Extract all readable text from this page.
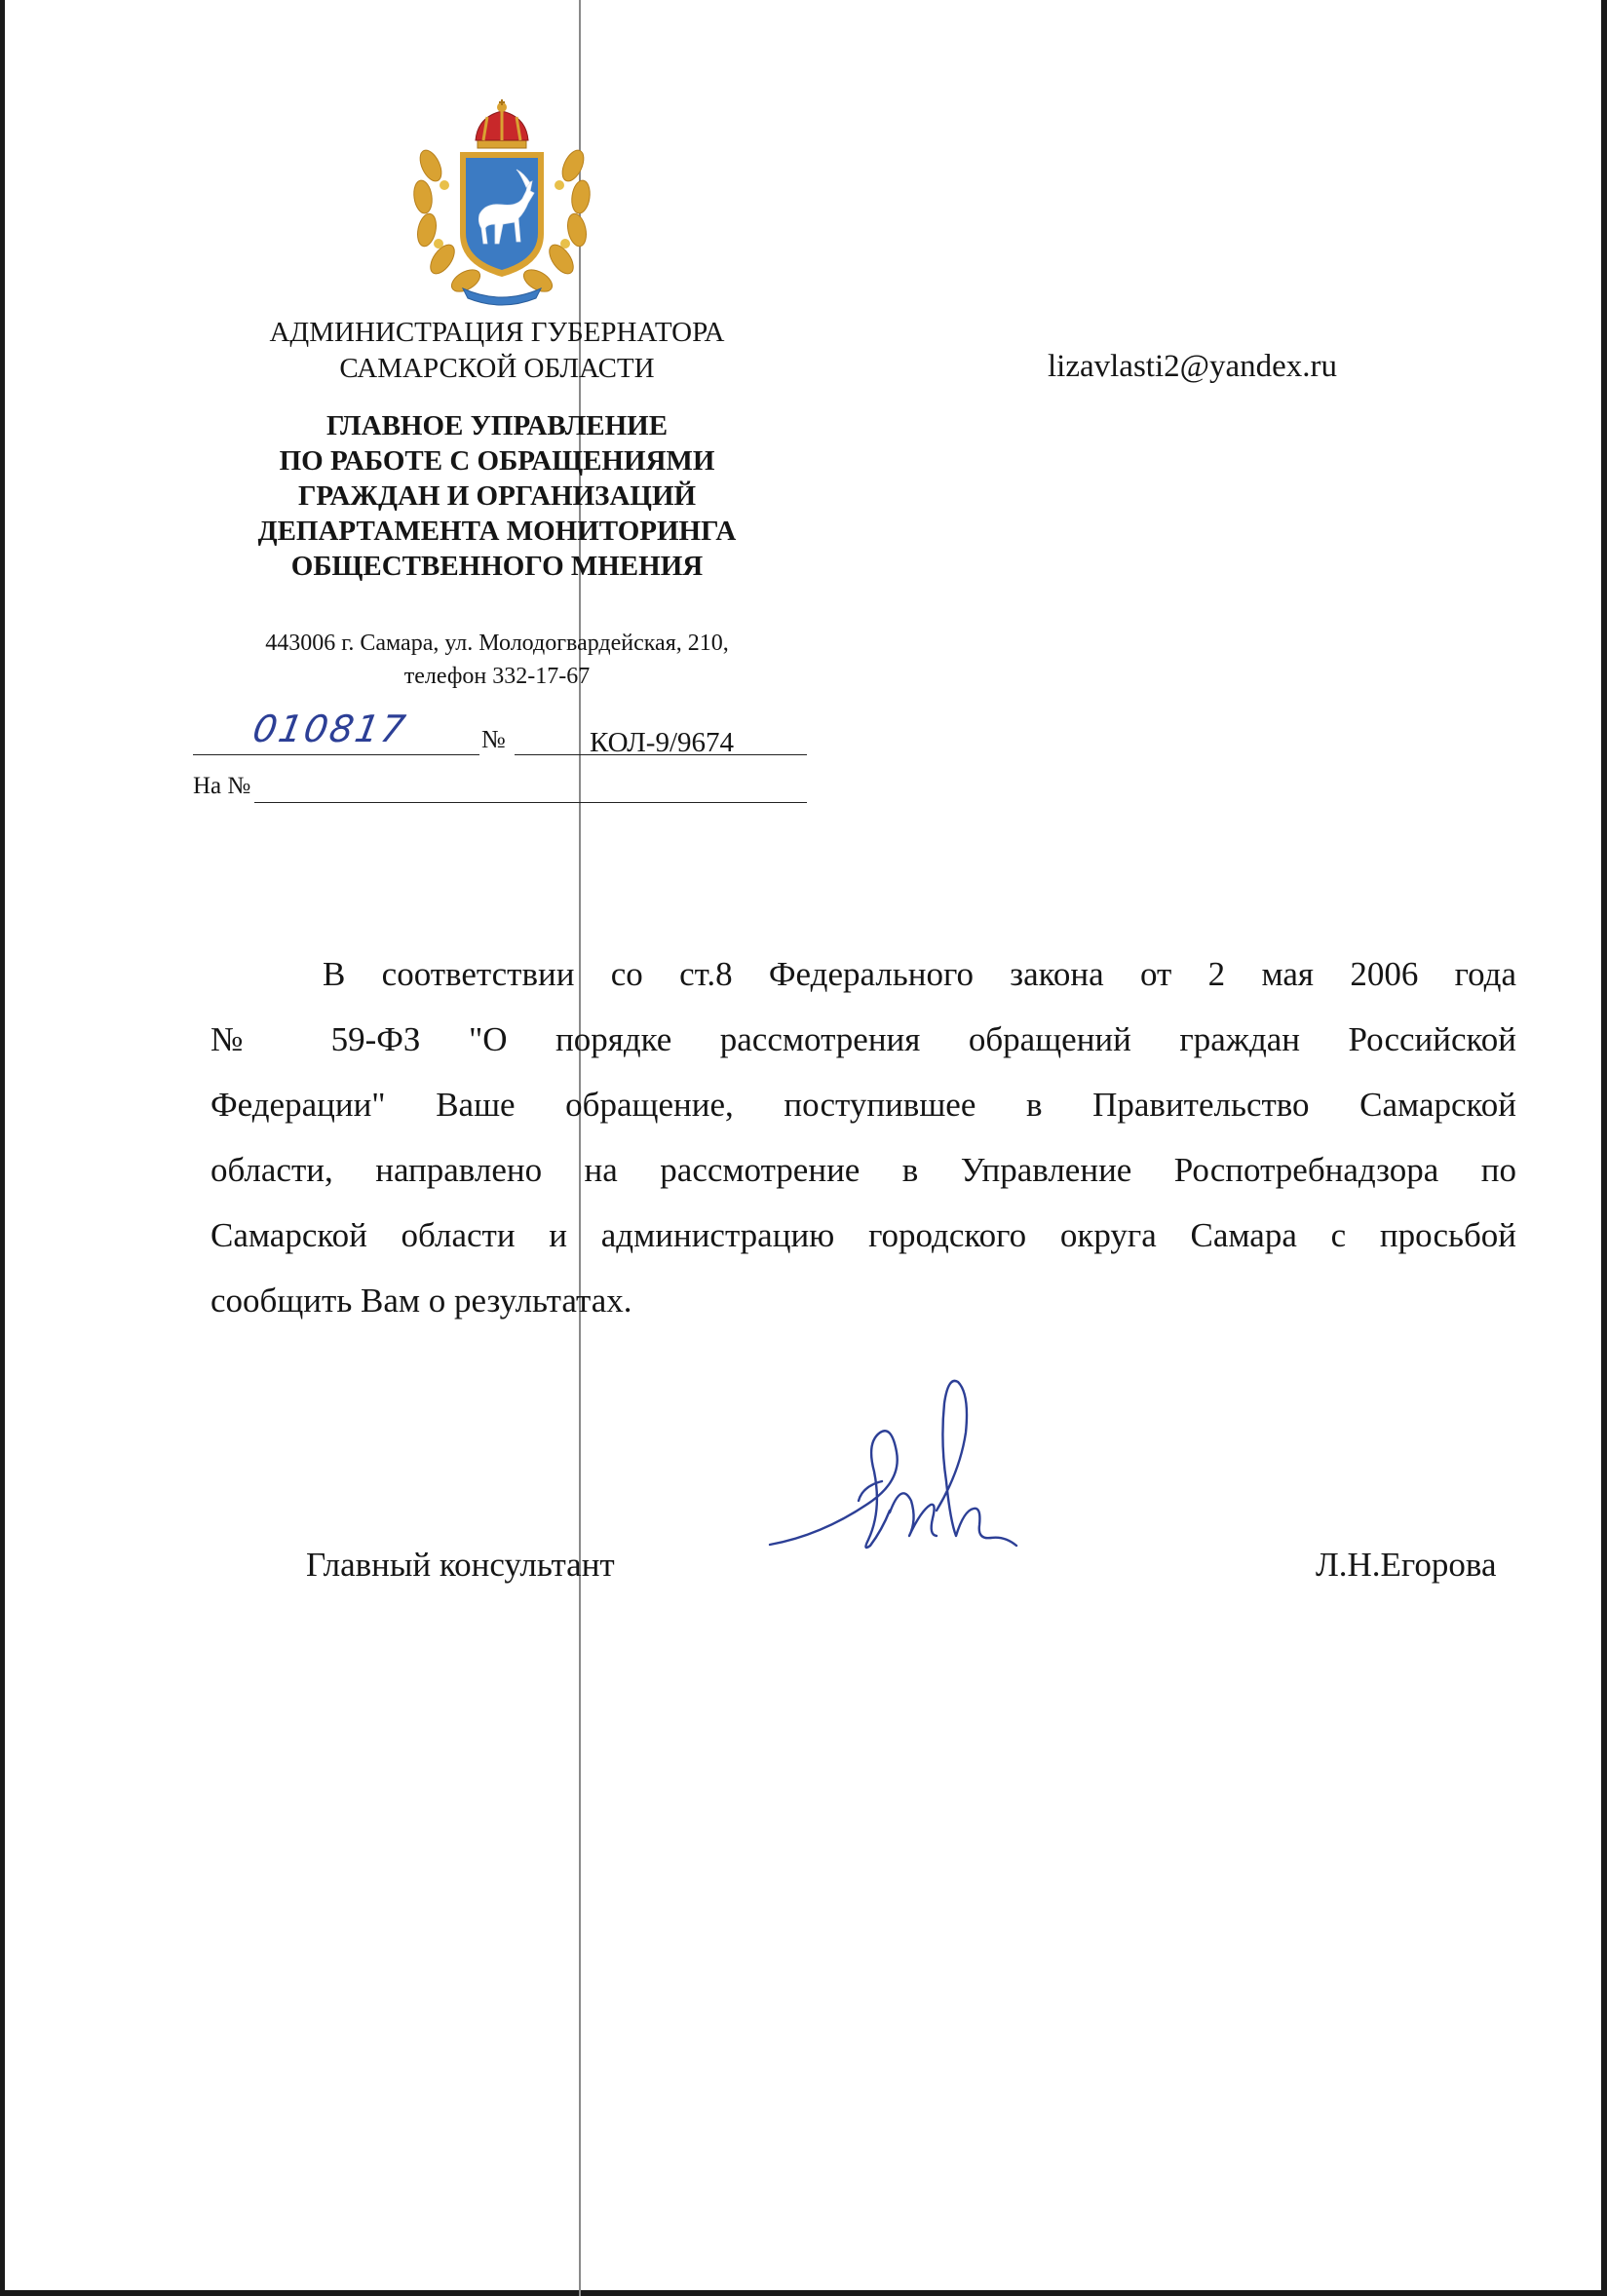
АДМИНИСТРАЦИЯ ГУБЕРНАТОРА
САМАРСКОЙ ОБЛАСТИ
ГЛАВНОЕ УПРАВЛЕНИЕ
ПО РАБОТЕ С ОБРАЩЕНИЯМИ
ГРАЖДАН И ОРГАНИЗАЦИЙ
ДЕПАРТАМЕНТА МОНИТОРИНГА
ОБЩЕСТВЕННОГО МНЕНИЯ
443006 г. Самара, ул. Молодогвардейская, 210,
телефон 332-17-67
lizavlasti2@yandex.ru
010817	№	КОЛ-9/9674
На №
В соответствии со ст.8 Федерального закона от 2 мая 2006 года
№ 59-ФЗ "О порядке рассмотрения обращений граждан Российской
Федерации" Ваше обращение, поступившее в Правительство Самарской
области, направлено на рассмотрение в Управление Роспотребнадзора по
Самарской области и администрацию городского округа Самара с просьбой
сообщить Вам о результатах.
Главный консультант	Л.Н.Егорова
